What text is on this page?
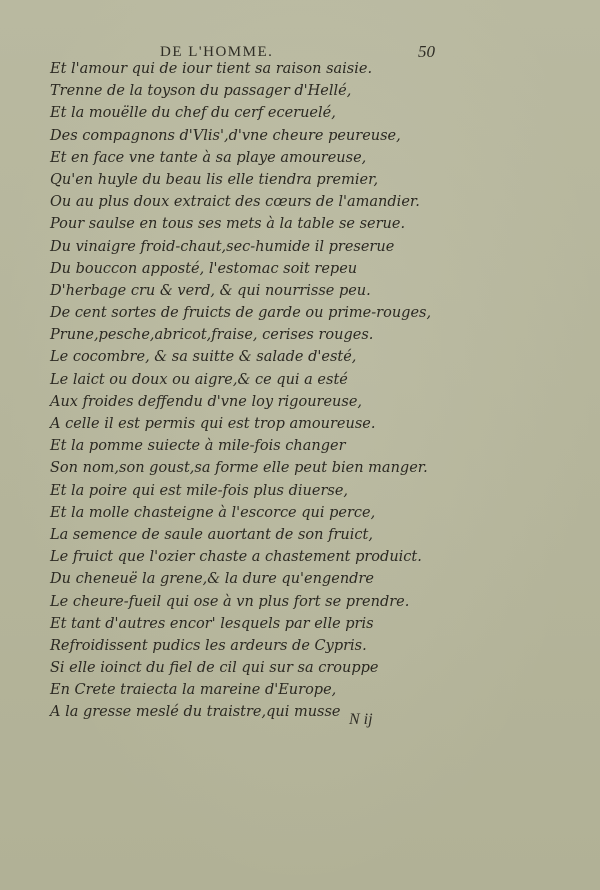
DE L'HOMME.	50
Et l'amour qui de iour tient sa raison saisie.
Trenne de la toyson du passager d'Hellé,
Et la mouëlle du chef du cerf eceruelé,
Des compagnons d'Vlis',d'vne cheure peureuse,
Et en face vne tante à sa playe amoureuse,
Qu'en huyle du beau lis elle tiendra premier,
Ou au plus doux extraict des cœurs de l'amandier.
Pour saulse en tous ses mets à la table se serue.
Du vinaigre froid-chaut,sec-humide il preserue
Du bouccon apposté, l'estomac soit repeu
D'herbage cru & verd, & qui nourrisse peu.
De cent sortes de fruicts de garde ou prime-rouges,
Prune,pesche,abricot,fraise, cerises rouges.
Le cocombre, & sa suitte & salade d'esté,
Le laict ou doux ou aigre,& ce qui a esté
Aux froides deffendu d'vne loy rigoureuse,
A celle il est permis qui est trop amoureuse.
Et la pomme suiecte à mile-fois changer
Son nom,son goust,sa forme elle peut bien manger.
Et la poire qui est mile-fois plus diuerse,
Et la molle chasteigne à l'escorce qui perce,
La semence de saule auortant de son fruict,
Le fruict que l'ozier chaste a chastement produict.
Du cheneuë la grene,& la dure qu'engendre
Le cheure-fueil qui ose à vn plus fort se prendre.
Et tant d'autres encor' lesquels par elle pris
Refroidissent pudics les ardeurs de Cypris.
Si elle ioinct du fiel de cil qui sur sa crouppe
En Crete traiecta la mareine d'Europe,
A la gresse meslé du traistre,qui musse N ij
